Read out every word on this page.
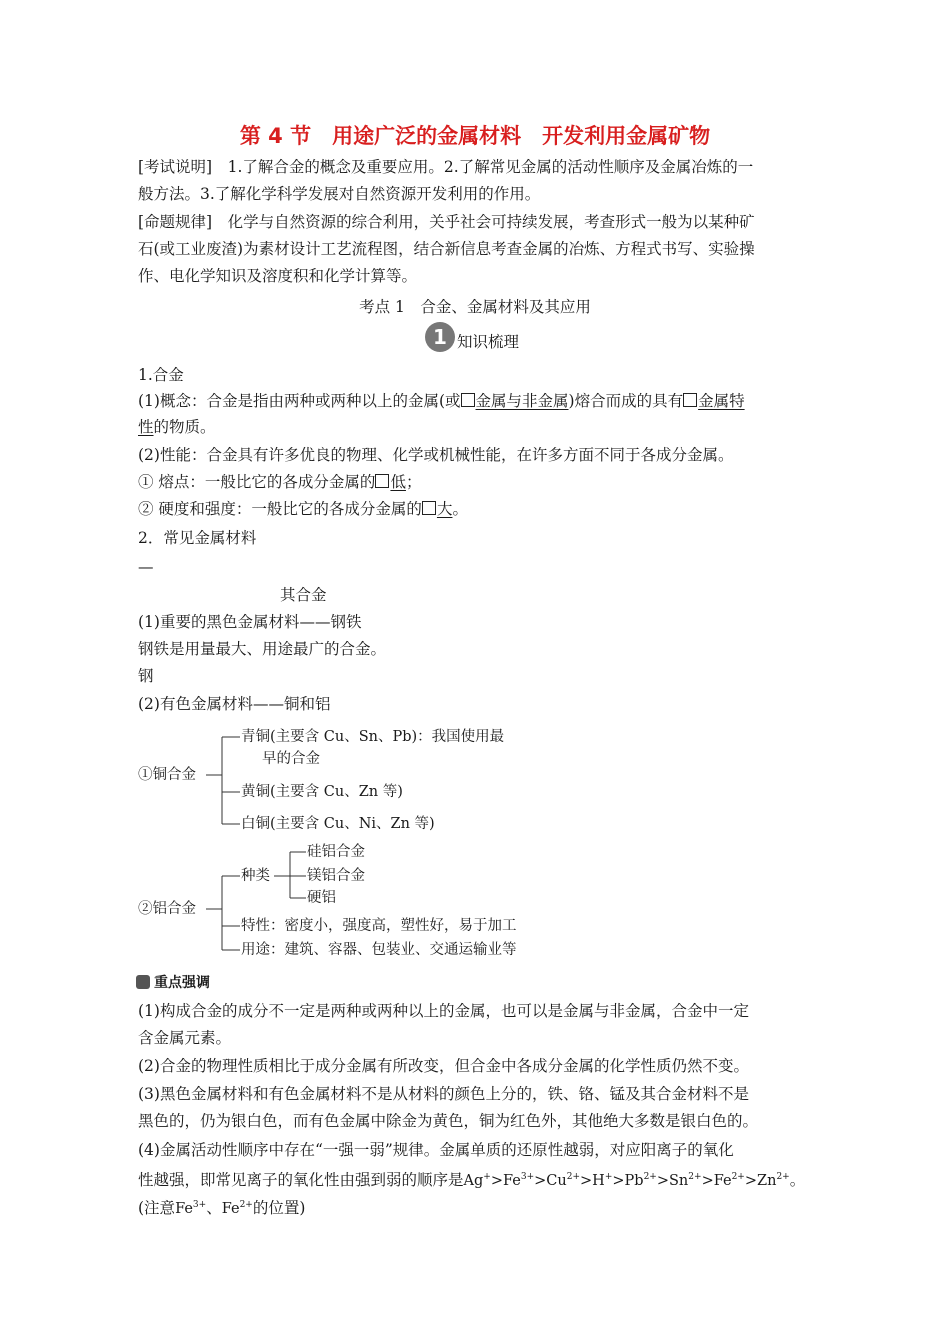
第 4 节　用途广泛的金属材料　开发利用金属矿物
[考试说明]　 1.了解合金的概念及重要应用。2.了解常见金属的活动性顺序及金属冶炼的一
般方法。3.了解化学科学发展对自然资源开发利用的作用。
[命题规律]　 化学与自然资源的综合利用，关乎社会可持续发展，考查形式一般为以某种矿
石(或工业废渣)为素材设计工艺流程图，结合新信息考查金属的冶炼、方程式书写、实验操
作、电化学知识及溶度积和化学计算等。
考点 1　合金、金属材料及其应用
1 知识梳理
1.合金
(1)概念：合金是指由两种或两种以上的金属(或 金属与非金属)熔合而成的具有 金属特
性的物质。
(2)性能：合金具有许多优良的物理、化学或机械性能，在许多方面不同于各成分金属。
① 熔点：一般比它的各成分金属的 低；
② 硬度和强度：一般比它的各成分金属的 大。
2．常见金属材料
—
其合金
(1)重要的黑色金属材料——钢铁
钢铁是用量最大、用途最广的合金。
钢
(2)有色金属材料——铜和铝
①铜合金
青铜(主要含 Cu、Sn、Pb)：我国使用最
早的合金
黄铜(主要含 Cu、Zn 等)
白铜(主要含 Cu、Ni、Zn 等)
②铝合金
种类
硅铝合金
镁铝合金
硬铝
特性：密度小，强度高，塑性好，易于加工
用途：建筑、容器、包装业、交通运输业等
重点强调
(1)构成合金的成分不一定是两种或两种以上的金属，也可以是金属与非金属，合金中一定
含金属元素。
(2)合金的物理性质相比于成分金属有所改变，但合金中各成分金属的化学性质仍然不变。
(3)黑色金属材料和有色金属材料不是从材料的颜色上分的，铁、铬、锰及其合金材料不是
黑色的，仍为银白色，而有色金属中除金为黄色，铜为红色外，其他绝大多数是银白色的。
(4)金属活动性顺序中存在“一强一弱”规律。金属单质的还原性越弱，对应阳离子的氧化
性越强，即常见离子的氧化性由强到弱的顺序是$Ag^+>Fe^{3+}>Cu^{2+}>H^+>Pb^{2+}>Sn^{2+}>Fe^{2+}>Zn^{2+}$。
(注意$Fe^{3+}$、$Fe^{2+}$的位置)
